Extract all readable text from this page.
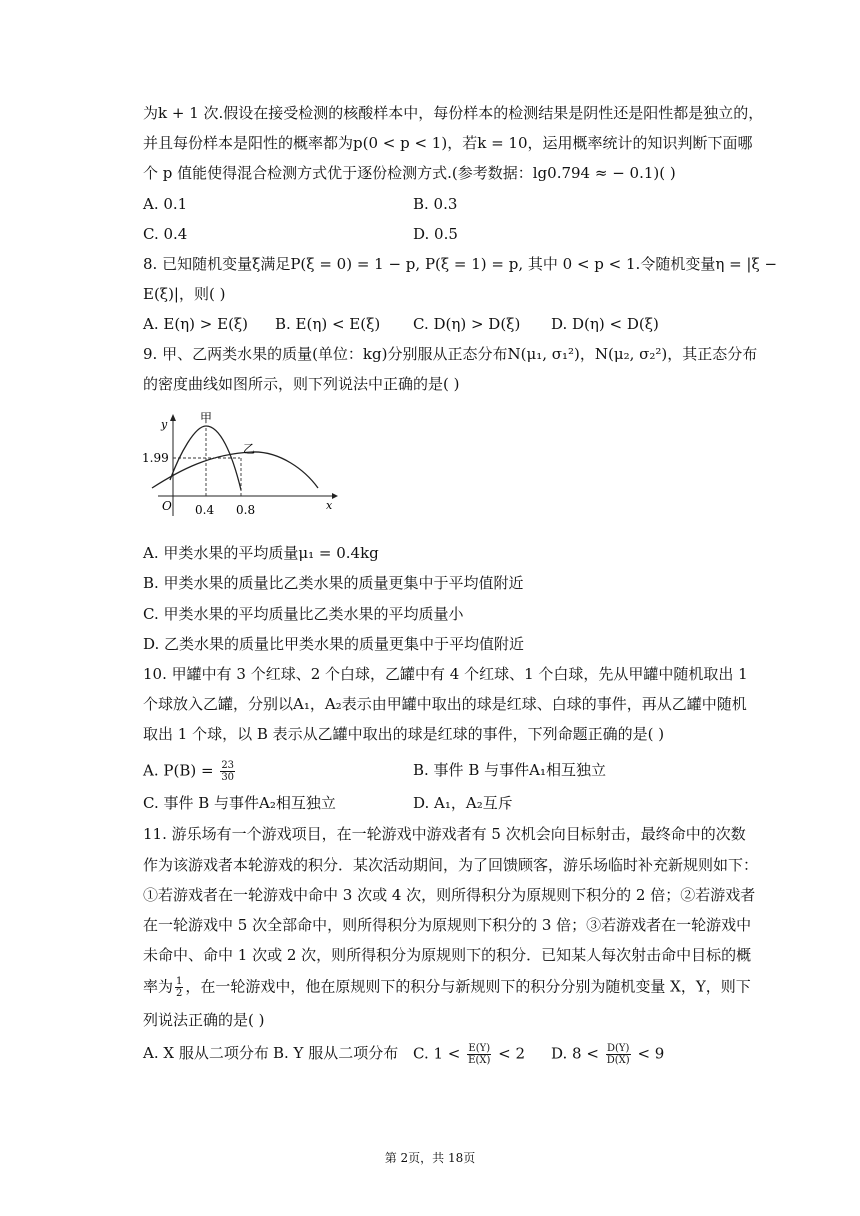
为k + 1 次.假设在接受检测的核酸样本中，每份样本的检测结果是阴性还是阳性都是独立的，
并且每份样本是阳性的概率都为p(0 < p < 1)，若k = 10，运用概率统计的知识判断下面哪
个 p 值能使得混合检测方式优于逐份检测方式.(参考数据：lg0.794 ≈ − 0.1)( )
A. 0.1	B. 0.3
C. 0.4	D. 0.5
8. 已知随机变量ξ满足P(ξ = 0) = 1 − p, P(ξ = 1) = p, 其中 0 < p < 1.令随机变量η = |ξ −
E(ξ)|，则( )
A. E(η) > E(ξ) B. E(η) < E(ξ) C. D(η) > D(ξ) D. D(η) < D(ξ)
9. 甲、乙两类水果的质量(单位：kg)分别服从正态分布N(μ₁, σ₁²)，N(μ₂, σ₂²)，其正态分布
的密度曲线如图所示，则下列说法中正确的是( )
甲
乙
y
x
O
1.99
0.4 0.8
A. 甲类水果的平均质量μ₁ = 0.4kg
B. 甲类水果的质量比乙类水果的质量更集中于平均值附近
C. 甲类水果的平均质量比乙类水果的平均质量小
D. 乙类水果的质量比甲类水果的质量更集中于平均值附近
10. 甲罐中有 3 个红球、2 个白球，乙罐中有 4 个红球、1 个白球，先从甲罐中随机取出 1
个球放入乙罐，分别以A₁，A₂表示由甲罐中取出的球是红球、白球的事件，再从乙罐中随机
取出 1 个球，以 B 表示从乙罐中取出的球是红球的事件，下列命题正确的是( )
A. $P(B) = \frac{23}{30}$	B. 事件 B 与事件A₁相互独立
C. 事件 B 与事件A₂相互独立	D. A₁，A₂互斥
11. 游乐场有一个游戏项目，在一轮游戏中游戏者有 5 次机会向目标射击，最终命中的次数
作为该游戏者本轮游戏的积分．某次活动期间，为了回馈顾客，游乐场临时补充新规则如下：
①若游戏者在一轮游戏中命中 3 次或 4 次，则所得积分为原规则下积分的 2 倍；②若游戏者
在一轮游戏中 5 次全部命中，则所得积分为原规则下积分的 3 倍；③若游戏者在一轮游戏中
未命中、命中 1 次或 2 次，则所得积分为原规则下的积分．已知某人每次射击命中目标的概
率为 $\frac{1}{2}$ ，在一轮游戏中，他在原规则下的积分与新规则下的积分分别为随机变量 X，Y，则下
列说法正确的是( )
A. X 服从二项分布 B. Y 服从二项分布 C. $1 < \frac{E(Y)}{E(X)} < 2$ D. $8 < \frac{D(Y)}{D(X)} < 9$
第 2页，共 18页
